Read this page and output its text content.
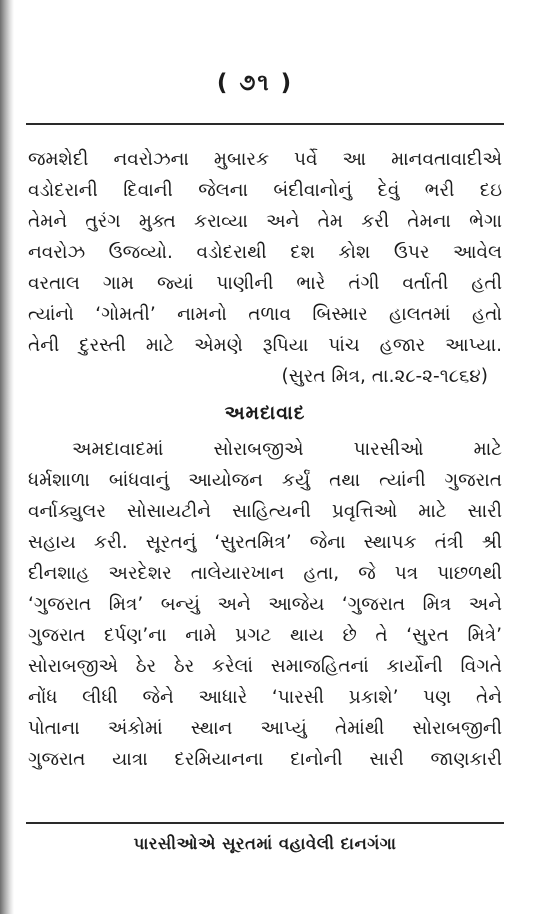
( ૭૧ )
જમશેદી નવરોઝના મુબારક પર્વે આ માનવતાવાદીએ
વડોદરાની દિવાની જેલના બંદીવાનોનું દેવું ભરી દઇ
તેમને તુરંગ મુક્ત કરાવ્યા અને તેમ કરી તેમના ભેગા
નવરોઝ ઉજવ્યો. વડોદરાથી દશ કોશ ઉપર આવેલ
વરતાલ ગામ જ્યાં પાણીની ભારે તંગી વર્તાતી હતી
ત્યાંનો ‘ગોમતી’ નામનો તળાવ બિસ્માર હાલતમાં હતો
તેની દુરસ્તી માટે એમણે રૂપિયા પાંચ હજાર આપ્યા.
(સુરત મિત્ર, તા.૨૮-૨-૧૮૬૪)
અમદાવાદ
અમદાવાદમાં સોરાબજીએ પારસીઓ માટે
ધર્મશાળા બાંધવાનું આયોજન કર્યું તથા ત્યાંની ગુજરાત
વર્નાક્યુલર સોસાયટીને સાહિત્યની પ્રવૃત્તિઓ માટે સારી
સહાય કરી. સૂરતનું ‘સુરતમિત્ર’ જેના સ્થાપક તંત્રી શ્રી
દીનશાહ અરદેશર તાલેયારખાન હતા, જે પત્ર પાછળથી
‘ગુજરાત મિત્ર’ બન્યું અને આજેય ‘ગુજરાત મિત્ર અને
ગુજરાત દર્પણ’ના નામે પ્રગટ થાય છે તે ‘સુરત મિત્રે’
સોરાબજીએ ઠેર ઠેર કરેલાં સમાજહિતનાં કાર્યોની વિગતે
નોંધ લીધી જેને આધારે ‘પારસી પ્રકાશે’ પણ તેને
પોતાના અંકોમાં સ્થાન આપ્યું તેમાંથી સોરાબજીની
ગુજરાત યાત્રા દરમિયાનના દાનોની સારી જાણકારી
પારસીઓએ સૂરતમાં વહાવેલી દાનગંગા
